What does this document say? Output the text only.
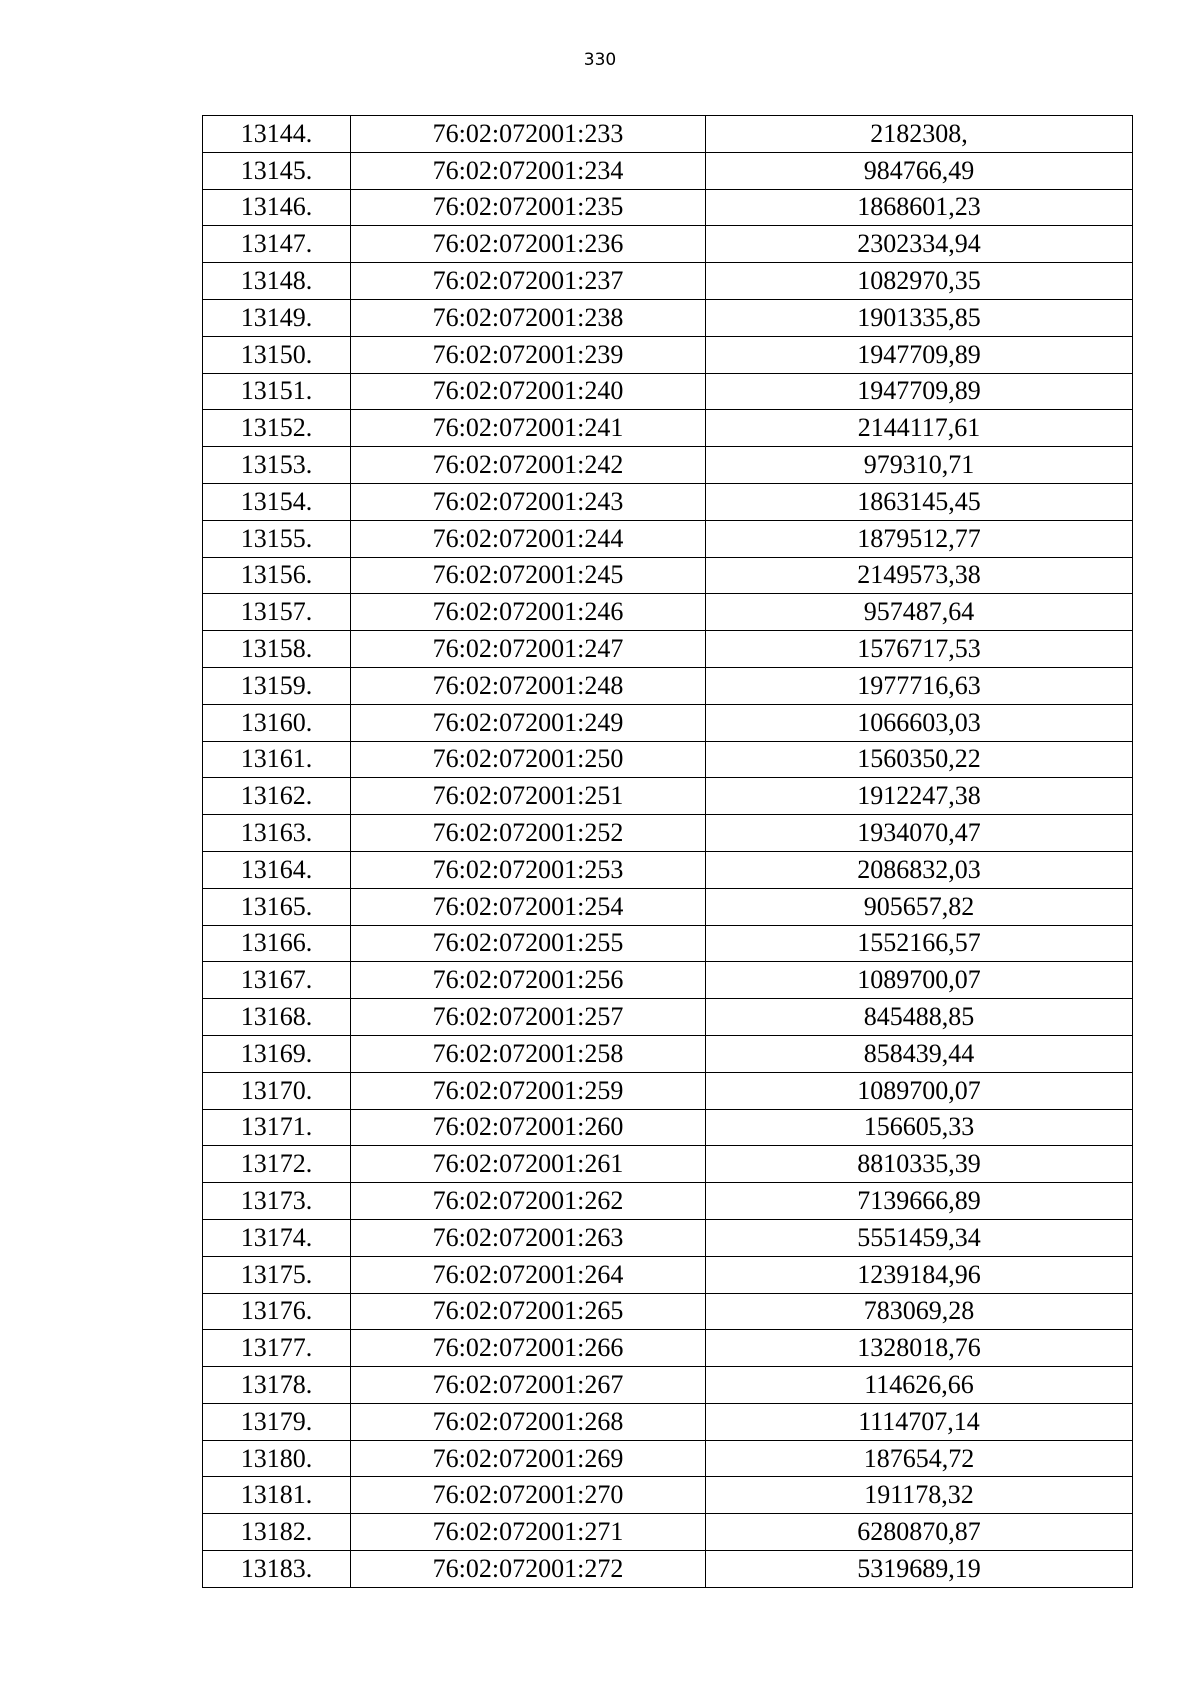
330
13144.	76:02:072001:233	2182308,
13145.	76:02:072001:234	984766,49
13146.	76:02:072001:235	1868601,23
13147.	76:02:072001:236	2302334,94
13148.	76:02:072001:237	1082970,35
13149.	76:02:072001:238	1901335,85
13150.	76:02:072001:239	1947709,89
13151.	76:02:072001:240	1947709,89
13152.	76:02:072001:241	2144117,61
13153.	76:02:072001:242	979310,71
13154.	76:02:072001:243	1863145,45
13155.	76:02:072001:244	1879512,77
13156.	76:02:072001:245	2149573,38
13157.	76:02:072001:246	957487,64
13158.	76:02:072001:247	1576717,53
13159.	76:02:072001:248	1977716,63
13160.	76:02:072001:249	1066603,03
13161.	76:02:072001:250	1560350,22
13162.	76:02:072001:251	1912247,38
13163.	76:02:072001:252	1934070,47
13164.	76:02:072001:253	2086832,03
13165.	76:02:072001:254	905657,82
13166.	76:02:072001:255	1552166,57
13167.	76:02:072001:256	1089700,07
13168.	76:02:072001:257	845488,85
13169.	76:02:072001:258	858439,44
13170.	76:02:072001:259	1089700,07
13171.	76:02:072001:260	156605,33
13172.	76:02:072001:261	8810335,39
13173.	76:02:072001:262	7139666,89
13174.	76:02:072001:263	5551459,34
13175.	76:02:072001:264	1239184,96
13176.	76:02:072001:265	783069,28
13177.	76:02:072001:266	1328018,76
13178.	76:02:072001:267	114626,66
13179.	76:02:072001:268	1114707,14
13180.	76:02:072001:269	187654,72
13181.	76:02:072001:270	191178,32
13182.	76:02:072001:271	6280870,87
13183.	76:02:072001:272	5319689,19
